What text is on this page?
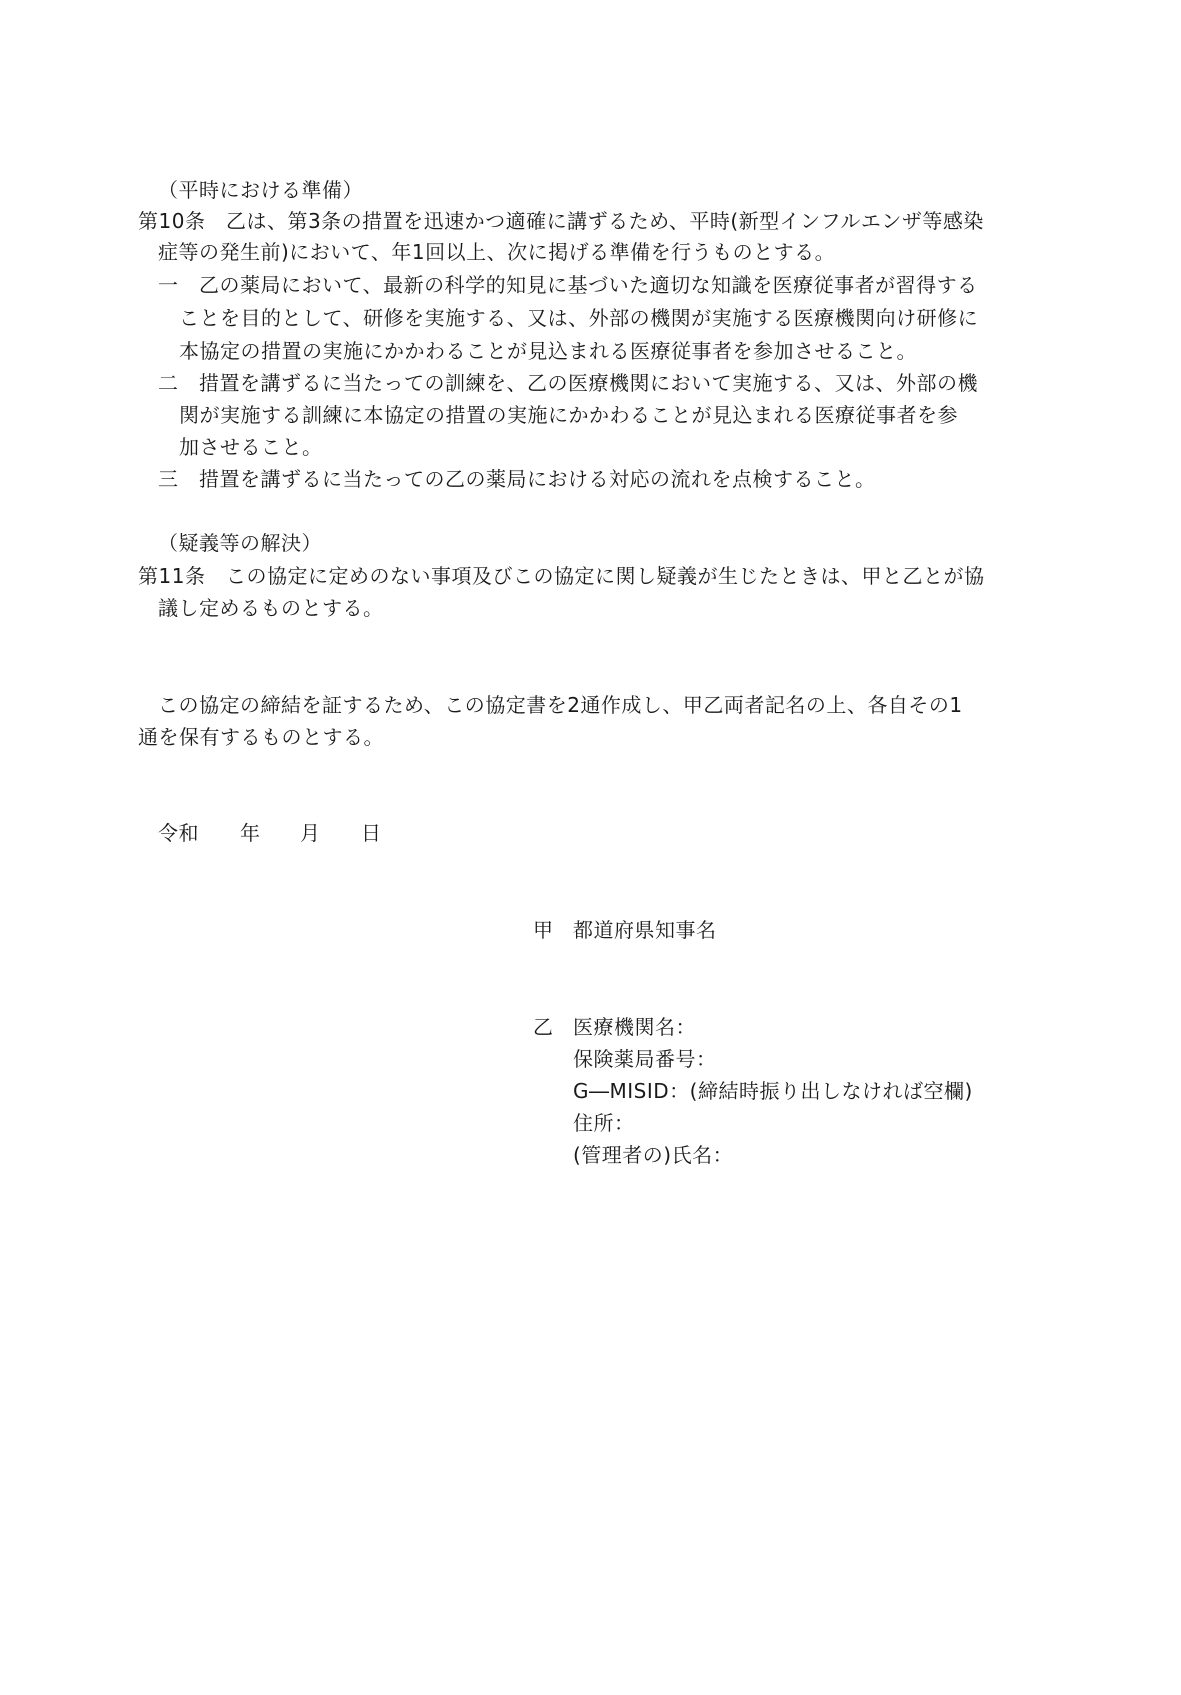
（平時における準備）
第10条　乙は、第3条の措置を迅速かつ適確に講ずるため、平時(新型インフルエンザ等感染
症等の発生前)において、年1回以上、次に掲げる準備を行うものとする。
一　乙の薬局において、最新の科学的知見に基づいた適切な知識を医療従事者が習得する
ことを目的として、研修を実施する、又は、外部の機関が実施する医療機関向け研修に
本協定の措置の実施にかかわることが見込まれる医療従事者を参加させること。
二　措置を講ずるに当たっての訓練を、乙の医療機関において実施する、又は、外部の機
関が実施する訓練に本協定の措置の実施にかかわることが見込まれる医療従事者を参
加させること。
三　措置を講ずるに当たっての乙の薬局における対応の流れを点検すること。
（疑義等の解決）
第11条　この協定に定めのない事項及びこの協定に関し疑義が生じたときは、甲と乙とが協
議し定めるものとする。
この協定の締結を証するため、この協定書を2通作成し、甲乙両者記名の上、各自その1
通を保有するものとする。
令和 年 月 日
甲 都道府県知事名
乙 医療機関名：
保険薬局番号：
G―MISID：(締結時振り出しなければ空欄)
住所：
(管理者の)氏名：
